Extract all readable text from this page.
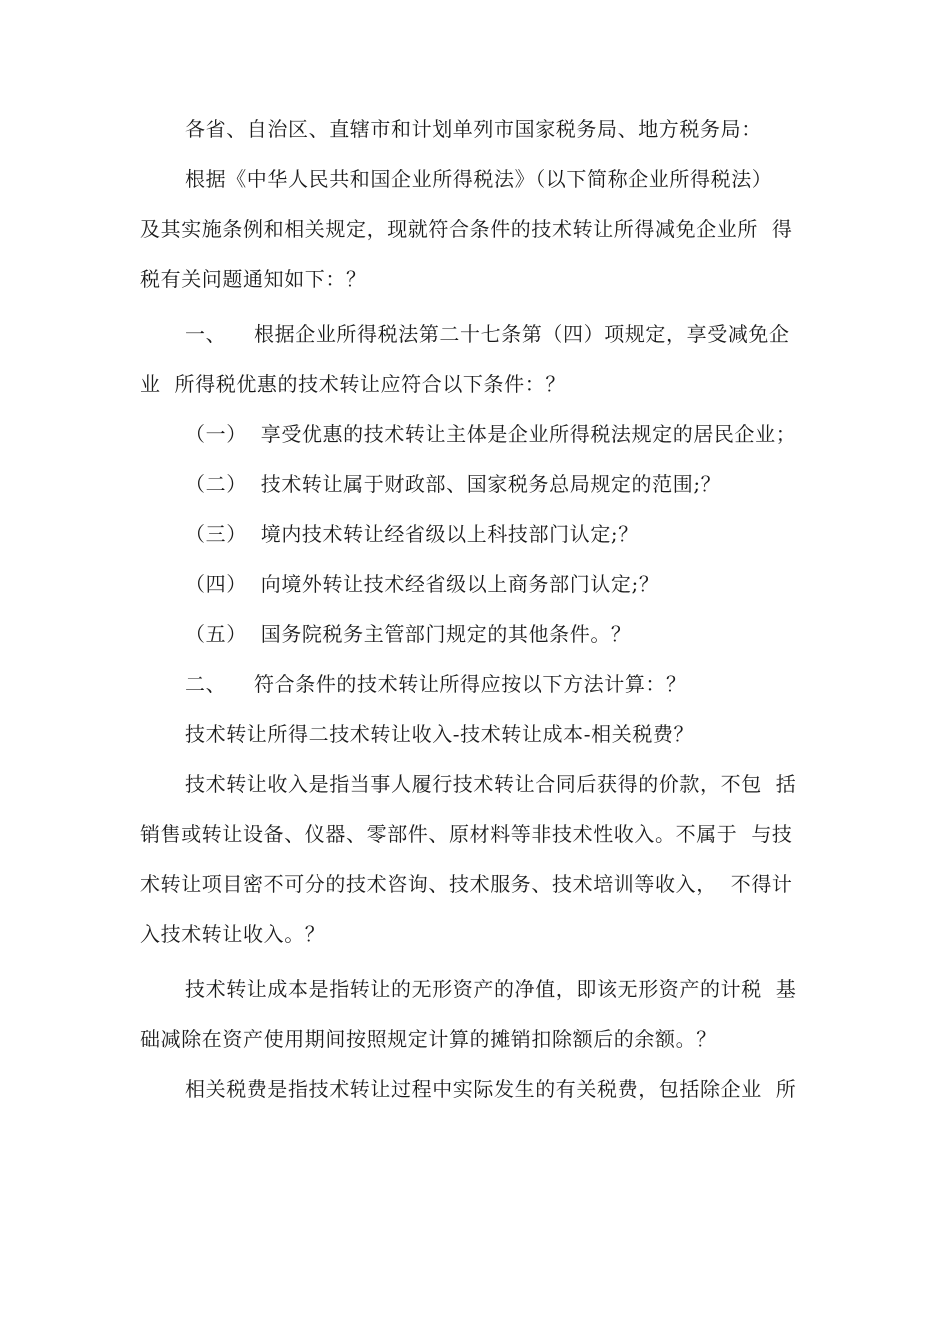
各省、自治区、直辖市和计划单列市国家税务局、地方税务局：
根据《中华人民共和国企业所得税法》（以下简称企业所得税法）
及其实施条例和相关规定，现就符合条件的技术转让所得减免企业所  得
税有关问题通知如下：？
一、    根据企业所得税法第二十七条第（四）项规定，享受减免企
业  所得税优惠的技术转让应符合以下条件：？
（一）  享受优惠的技术转让主体是企业所得税法规定的居民企业；
（二）  技术转让属于财政部、国家税务总局规定的范围;？
（三）  境内技术转让经省级以上科技部门认定;？
（四）  向境外转让技术经省级以上商务部门认定;？
（五）  国务院税务主管部门规定的其他条件。？
二、    符合条件的技术转让所得应按以下方法计算：？
技术转让所得二技术转让收入-技术转让成本-相关税费？
技术转让收入是指当事人履行技术转让合同后获得的价款，不包  括
销售或转让设备、仪器、零部件、原材料等非技术性收入。不属于  与技
术转让项目密不可分的技术咨询、技术服务、技术培训等收入，  不得计
入技术转让收入。？
技术转让成本是指转让的无形资产的净值，即该无形资产的计税  基
础减除在资产使用期间按照规定计算的摊销扣除额后的余额。？
相关税费是指技术转让过程中实际发生的有关税费，包括除企业  所
